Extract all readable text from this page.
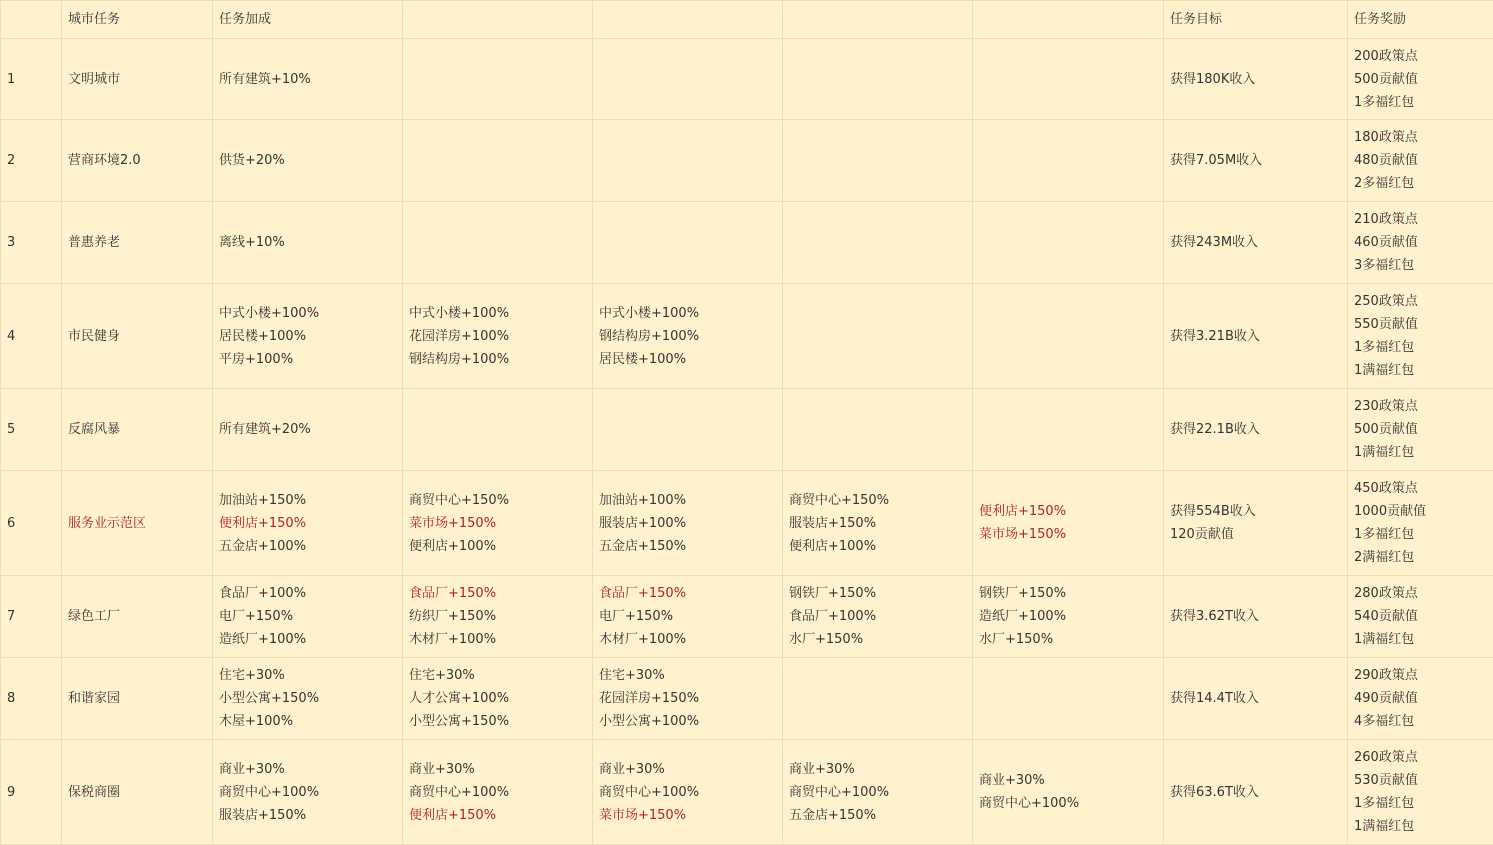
	城市任务	任务加成					任务目标	任务奖励
1	文明城市	所有建筑+10%					获得180K收入	200政策点
500贡献值
1多福红包

2	营商环境2.0	供货+20%					获得7.05M收入	180政策点
480贡献值
2多福红包

3	普惠养老	离线+10%					获得243M收入	210政策点
460贡献值
3多福红包

4	市民健身	中式小楼+100%
居民楼+100%
平房+100%	中式小楼+100%
花园洋房+100%
钢结构房+100%	中式小楼+100%
钢结构房+100%
居民楼+100%			获得3.21B收入	250政策点
550贡献值
1多福红包
1满福红包

5	反腐风暴	所有建筑+20%					获得22.1B收入	230政策点
500贡献值
1满福红包

6	服务业示范区	加油站+150%
便利店+150%
五金店+100%	商贸中心+150%
菜市场+150%
便利店+100%	加油站+100%
服装店+100%
五金店+150%	商贸中心+150%
服装店+150%
便利店+100%	便利店+150%
菜市场+150%	获得554B收入
120贡献值	450政策点
1000贡献值
1多福红包
2满福红包

7	绿色工厂	食品厂+100%
电厂+150%
造纸厂+100%	食品厂+150%
纺织厂+150%
木材厂+100%	食品厂+150%
电厂+150%
木材厂+100%	钢铁厂+150%
食品厂+100%
水厂+150%	钢铁厂+150%
造纸厂+100%
水厂+150%	获得3.62T收入	280政策点
540贡献值
1满福红包

8	和谐家园	住宅+30%
小型公寓+150%
木屋+100%	住宅+30%
人才公寓+100%
小型公寓+150%	住宅+30%
花园洋房+150%
小型公寓+100%			获得14.4T收入	290政策点
490贡献值
4多福红包

9	保税商圈	商业+30%
商贸中心+100%
服装店+150%	商业+30%
商贸中心+100%
便利店+150%	商业+30%
商贸中心+100%
菜市场+150%	商业+30%
商贸中心+100%
五金店+150%	商业+30%
商贸中心+100%	获得63.6T收入	260政策点
530贡献值
1多福红包
1满福红包
